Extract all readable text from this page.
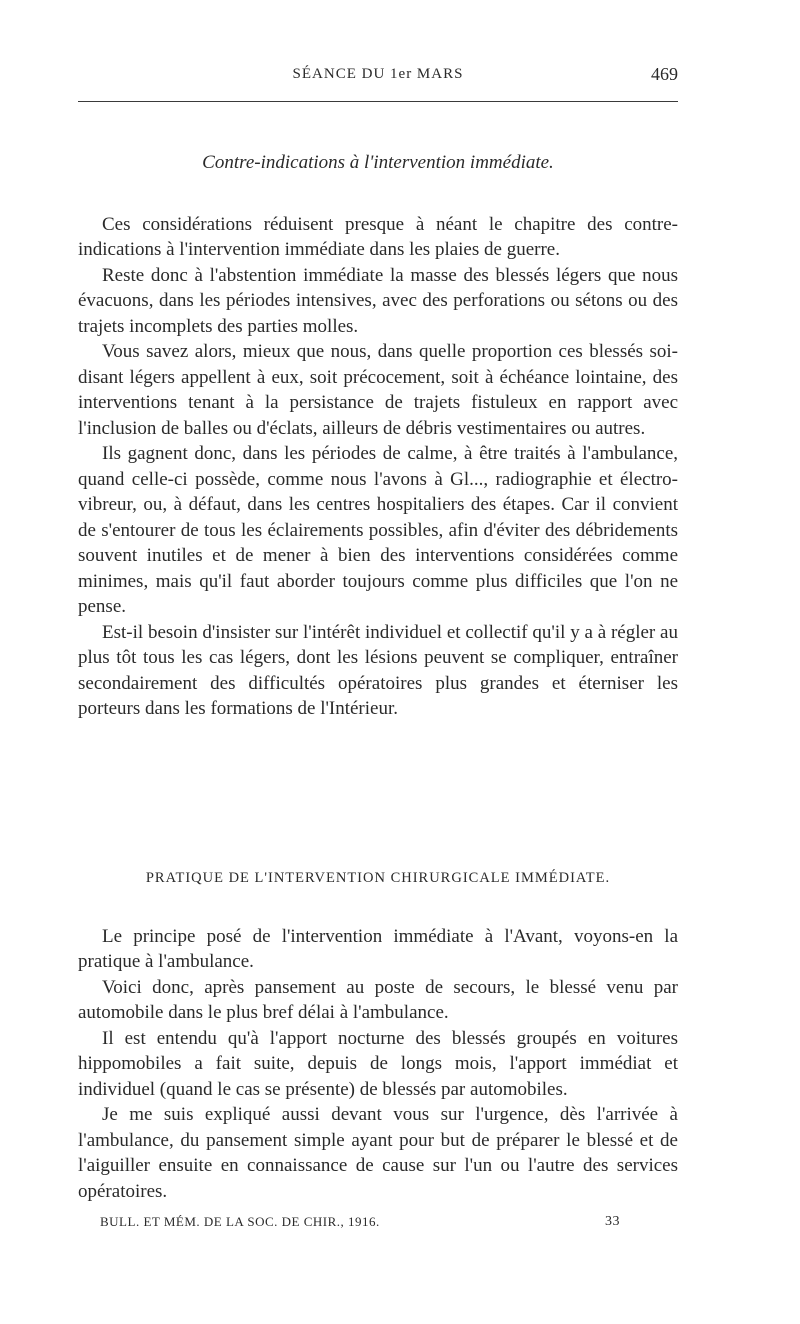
SÉANCE DU 1er MARS	469

Contre-indications à l'intervention immédiate.

Ces considérations réduisent presque à néant le chapitre des contre-indications à l'intervention immédiate dans les plaies de guerre.

Reste donc à l'abstention immédiate la masse des blessés légers que nous évacuons, dans les périodes intensives, avec des perforations ou sétons ou des trajets incomplets des parties molles.

Vous savez alors, mieux que nous, dans quelle proportion ces blessés soi-disant légers appellent à eux, soit précocement, soit à échéance lointaine, des interventions tenant à la persistance de trajets fistuleux en rapport avec l'inclusion de balles ou d'éclats, ailleurs de débris vestimentaires ou autres.

Ils gagnent donc, dans les périodes de calme, à être traités à l'ambulance, quand celle-ci possède, comme nous l'avons à Gl..., radiographie et électro-vibreur, ou, à défaut, dans les centres hospitaliers des étapes. Car il convient de s'entourer de tous les éclairements possibles, afin d'éviter des débridements souvent inutiles et de mener à bien des interventions considérées comme minimes, mais qu'il faut aborder toujours comme plus difficiles que l'on ne pense.

Est-il besoin d'insister sur l'intérêt individuel et collectif qu'il y a à régler au plus tôt tous les cas légers, dont les lésions peuvent se compliquer, entraîner secondairement des difficultés opératoires plus grandes et éterniser les porteurs dans les formations de l'Intérieur.

PRATIQUE DE L'INTERVENTION CHIRURGICALE IMMÉDIATE.

Le principe posé de l'intervention immédiate à l'Avant, voyons-en la pratique à l'ambulance.

Voici donc, après pansement au poste de secours, le blessé venu par automobile dans le plus bref délai à l'ambulance.

Il est entendu qu'à l'apport nocturne des blessés groupés en voitures hippomobiles a fait suite, depuis de longs mois, l'apport immédiat et individuel (quand le cas se présente) de blessés par automobiles.

Je me suis expliqué aussi devant vous sur l'urgence, dès l'arrivée à l'ambulance, du pansement simple ayant pour but de préparer le blessé et de l'aiguiller ensuite en connaissance de cause sur l'un ou l'autre des services opératoires.

BULL. ET MÉM. DE LA SOC. DE CHIR., 1916.	33
